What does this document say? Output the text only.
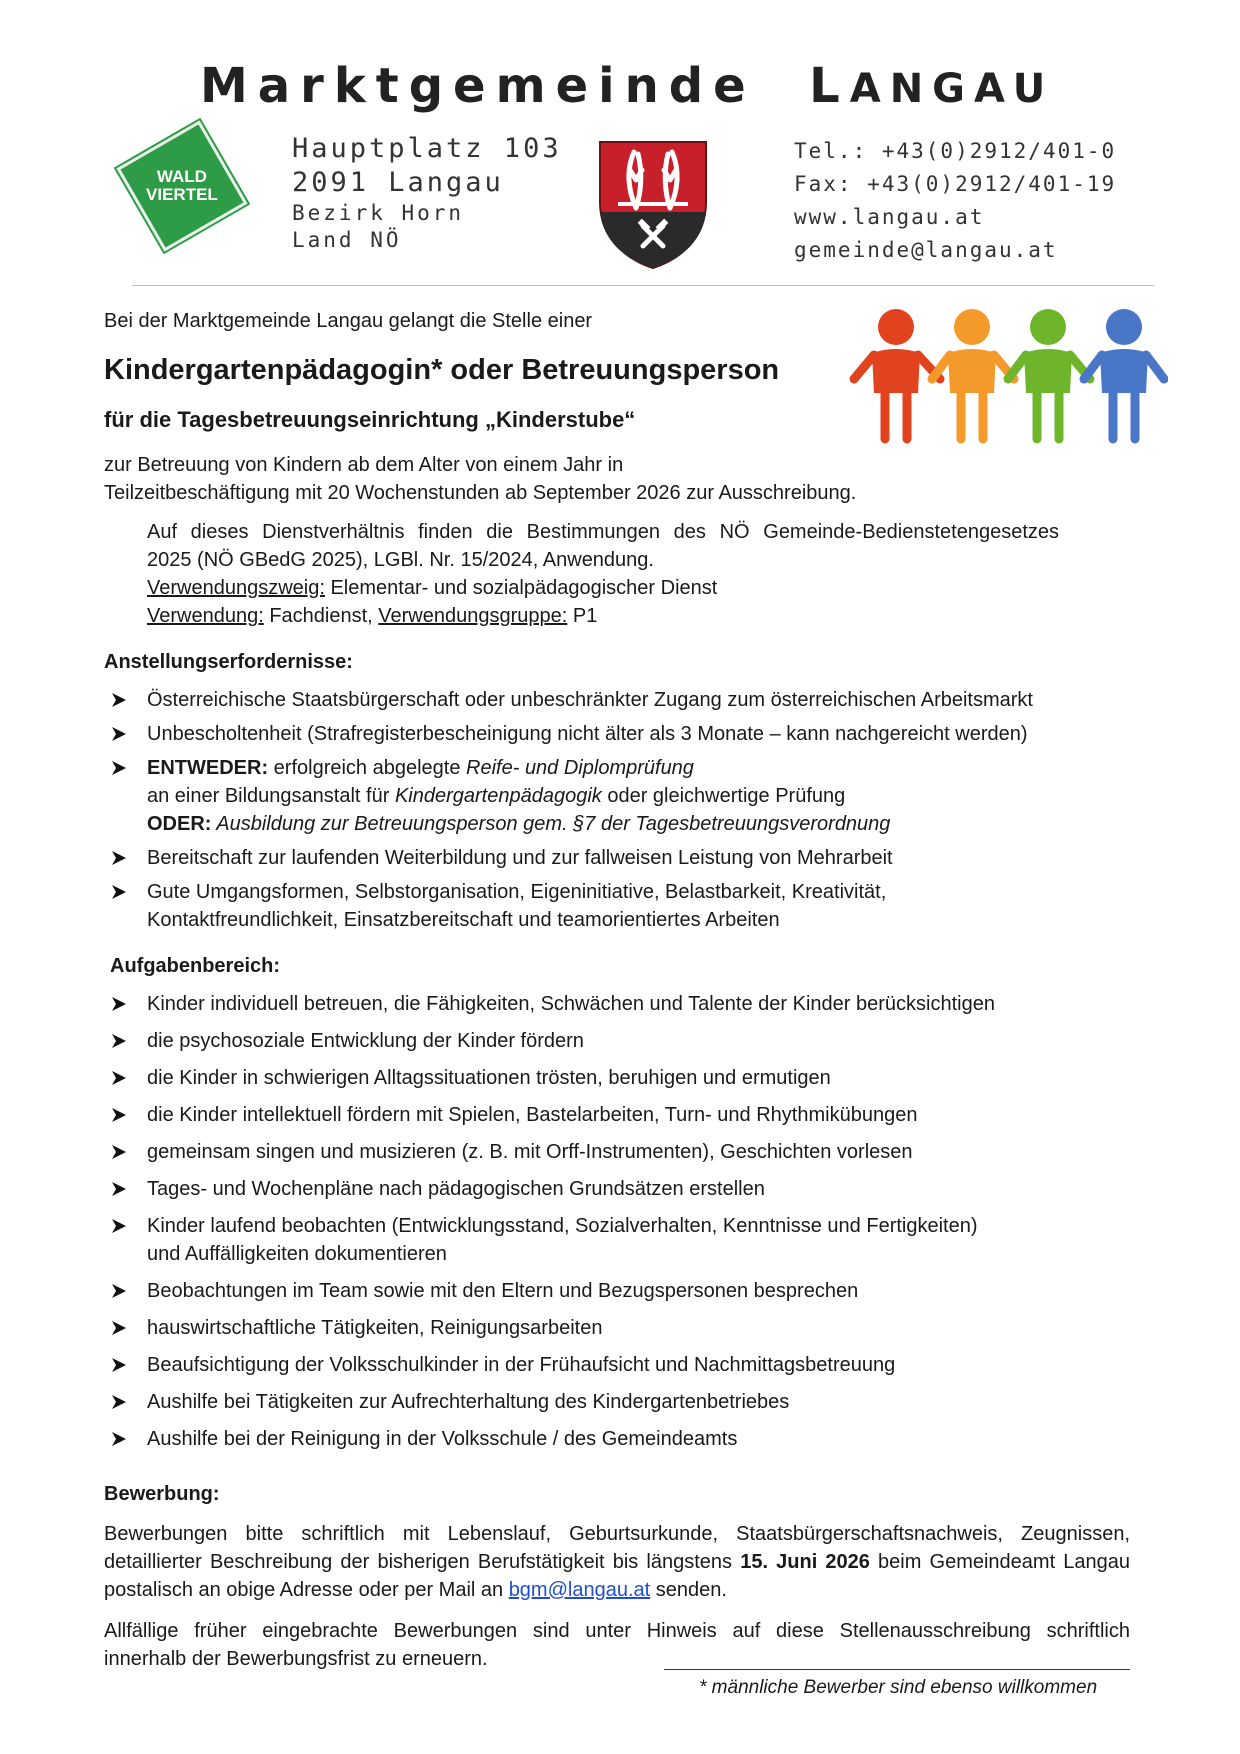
Marktgemeinde LANGAU
WALD
VIERTEL
Hauptplatz 103
2091 Langau
Bezirk Horn
Land NÖ
Tel.: +43(0)2912/401-0
Fax: +43(0)2912/401-19
www.langau.at
gemeinde@langau.at
Bei der Marktgemeinde Langau gelangt die Stelle einer
Kindergartenpädagogin* oder Betreuungsperson
für die Tagesbetreuungseinrichtung „Kinderstube“
zur Betreuung von Kindern ab dem Alter von einem Jahr in
Teilzeitbeschäftigung mit 20 Wochenstunden ab September 2026 zur Ausschreibung.
Auf dieses Dienstverhältnis finden die Bestimmungen des NÖ Gemeinde-Bedienstetengesetzes
2025 (NÖ GBedG 2025), LGBl. Nr. 15/2024, Anwendung.
Verwendungszweig: Elementar- und sozialpädagogischer Dienst
Verwendung: Fachdienst, Verwendungsgruppe: P1
Anstellungserfordernisse:
Österreichische Staatsbürgerschaft oder unbeschränkter Zugang zum österreichischen Arbeitsmarkt
Unbescholtenheit (Strafregisterbescheinigung nicht älter als 3 Monate – kann nachgereicht werden)
ENTWEDER: erfolgreich abgelegte Reife- und Diplomprüfung
an einer Bildungsanstalt für Kindergartenpädagogik oder gleichwertige Prüfung
ODER: Ausbildung zur Betreuungsperson gem. §7 der Tagesbetreuungsverordnung
Bereitschaft zur laufenden Weiterbildung und zur fallweisen Leistung von Mehrarbeit
Gute Umgangsformen, Selbstorganisation, Eigeninitiative, Belastbarkeit, Kreativität,
Kontaktfreundlichkeit, Einsatzbereitschaft und teamorientiertes Arbeiten
Aufgabenbereich:
Kinder individuell betreuen, die Fähigkeiten, Schwächen und Talente der Kinder berücksichtigen
die psychosoziale Entwicklung der Kinder fördern
die Kinder in schwierigen Alltagssituationen trösten, beruhigen und ermutigen
die Kinder intellektuell fördern mit Spielen, Bastelarbeiten, Turn- und Rhythmikübungen
gemeinsam singen und musizieren (z. B. mit Orff-Instrumenten), Geschichten vorlesen
Tages- und Wochenpläne nach pädagogischen Grundsätzen erstellen
Kinder laufend beobachten (Entwicklungsstand, Sozialverhalten, Kenntnisse und Fertigkeiten)
und Auffälligkeiten dokumentieren
Beobachtungen im Team sowie mit den Eltern und Bezugspersonen besprechen
hauswirtschaftliche Tätigkeiten, Reinigungsarbeiten
Beaufsichtigung der Volksschulkinder in der Frühaufsicht und Nachmittagsbetreuung
Aushilfe bei Tätigkeiten zur Aufrechterhaltung des Kindergartenbetriebes
Aushilfe bei der Reinigung in der Volksschule / des Gemeindeamts
Bewerbung:
Bewerbungen bitte schriftlich mit Lebenslauf, Geburtsurkunde, Staatsbürgerschaftsnachweis, Zeugnissen,
detaillierter Beschreibung der bisherigen Berufstätigkeit bis längstens 15. Juni 2026 beim Gemeindeamt Langau
postalisch an obige Adresse oder per Mail an bgm@langau.at senden.
Allfällige früher eingebrachte Bewerbungen sind unter Hinweis auf diese Stellenausschreibung schriftlich
innerhalb der Bewerbungsfrist zu erneuern.
* männliche Bewerber sind ebenso willkommen
